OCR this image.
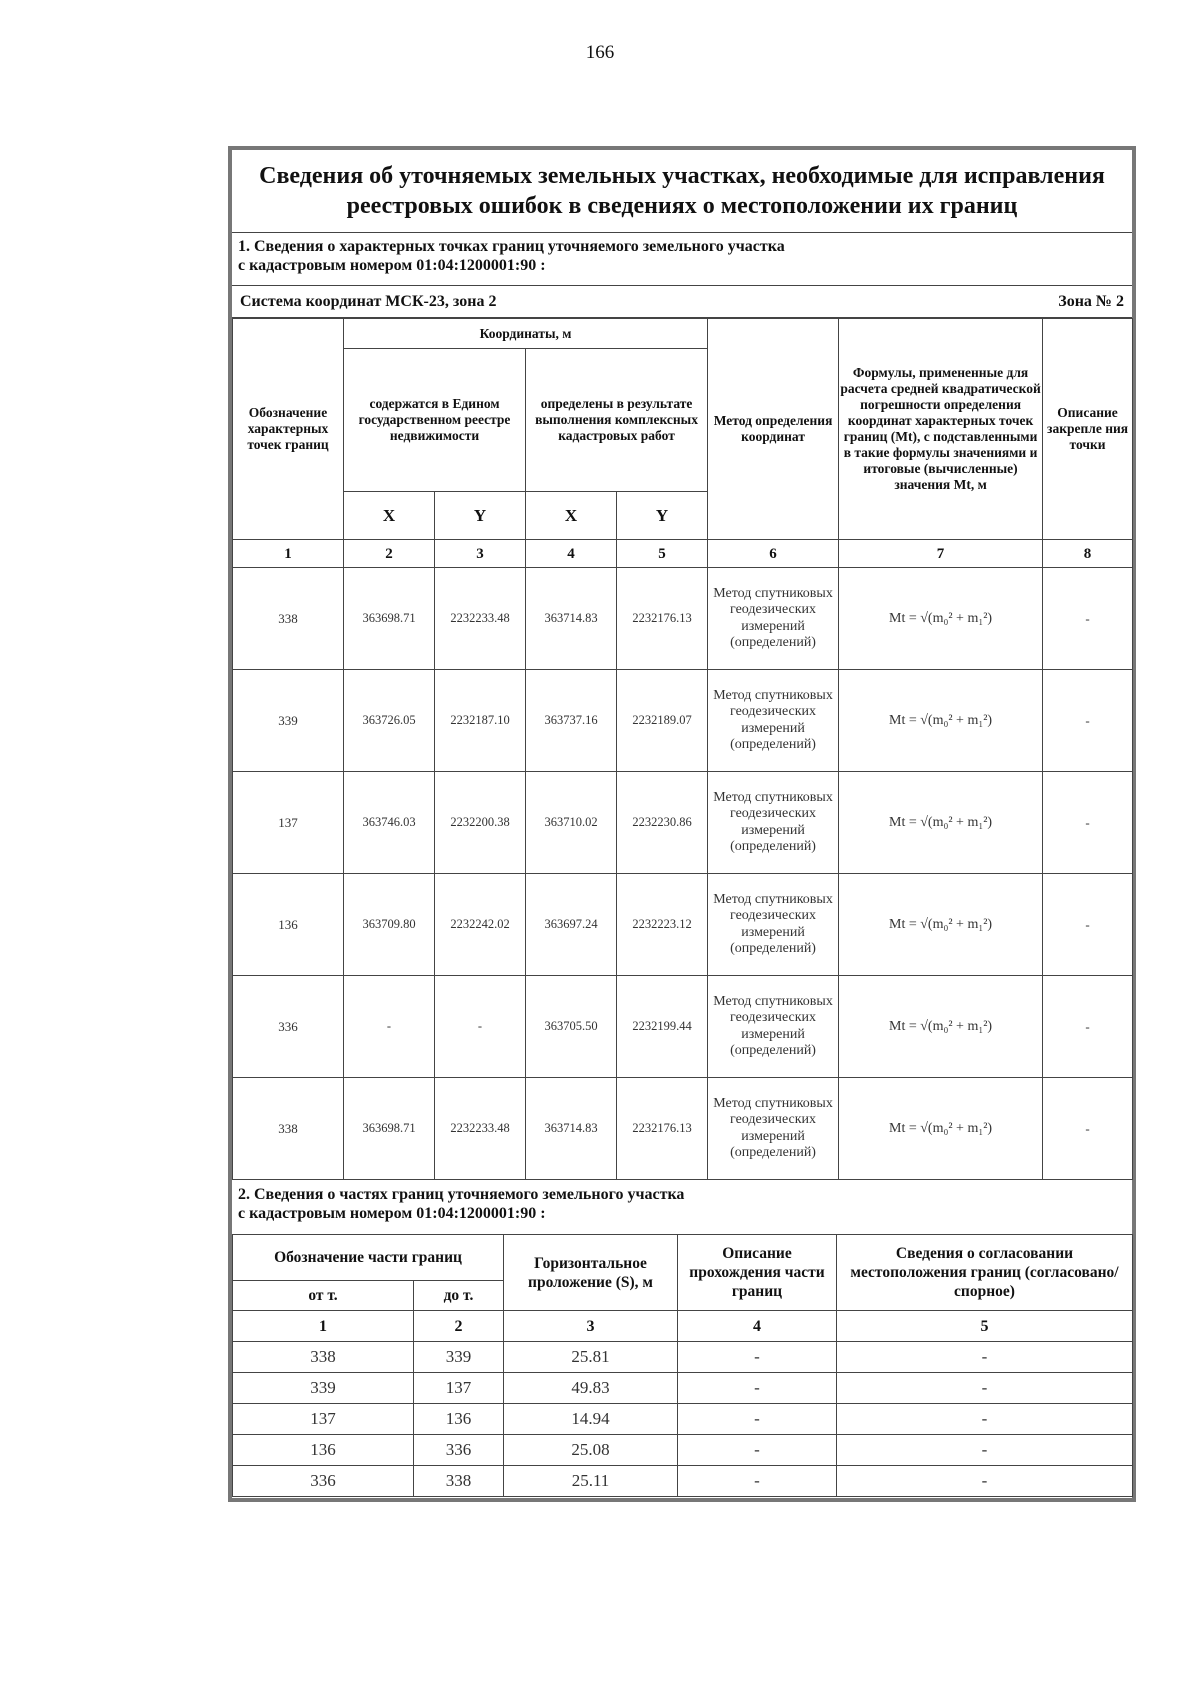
166
Сведения об уточняемых земельных участках, необходимые для исправления реестровых ошибок в сведениях о местоположении их границ
1. Сведения о характерных точках границ уточняемого земельного участка
с кадастровым номером 01:04:1200001:90 :
Система координат МСК-23, зона 2	Зона № 2
Обозначение характерных точек границ	Координаты, м				Метод определения координат	Формулы, примененные для расчета средней квадратической погрешности определения координат характерных точек границ (Mt), с подставленными в такие формулы значениями и итоговые (вычисленные) значения Mt, м	Описание закрепле ния точки
	содержатся в Едином государственном реестре недвижимости		определены в результате выполнения комплексных кадастровых работ				
	X	Y	X	Y			
1	2	3	4	5	6	7	8
338	363698.71	2232233.48	363714.83	2232176.13	Метод спутниковых геодезических измерений (определений)	Mt = √(m₀² + m₁²)	-
339	363726.05	2232187.10	363737.16	2232189.07	Метод спутниковых геодезических измерений (определений)	Mt = √(m₀² + m₁²)	-
137	363746.03	2232200.38	363710.02	2232230.86	Метод спутниковых геодезических измерений (определений)	Mt = √(m₀² + m₁²)	-
136	363709.80	2232242.02	363697.24	2232223.12	Метод спутниковых геодезических измерений (определений)	Mt = √(m₀² + m₁²)	-
336	-	-	363705.50	2232199.44	Метод спутниковых геодезических измерений (определений)	Mt = √(m₀² + m₁²)	-
338	363698.71	2232233.48	363714.83	2232176.13	Метод спутниковых геодезических измерений (определений)	Mt = √(m₀² + m₁²)	-
2. Сведения о частях границ уточняемого земельного участка
с кадастровым номером 01:04:1200001:90 :
Обозначение части границ		Горизонтальное проложение (S), м	Описание прохождения части границ	Сведения о согласовании местоположения границ (согласовано/спорное)
от т.	до т.			
1	2	3	4	5
338	339	25.81	-	-
339	137	49.83	-	-
137	136	14.94	-	-
136	336	25.08	-	-
336	338	25.11	-	-
